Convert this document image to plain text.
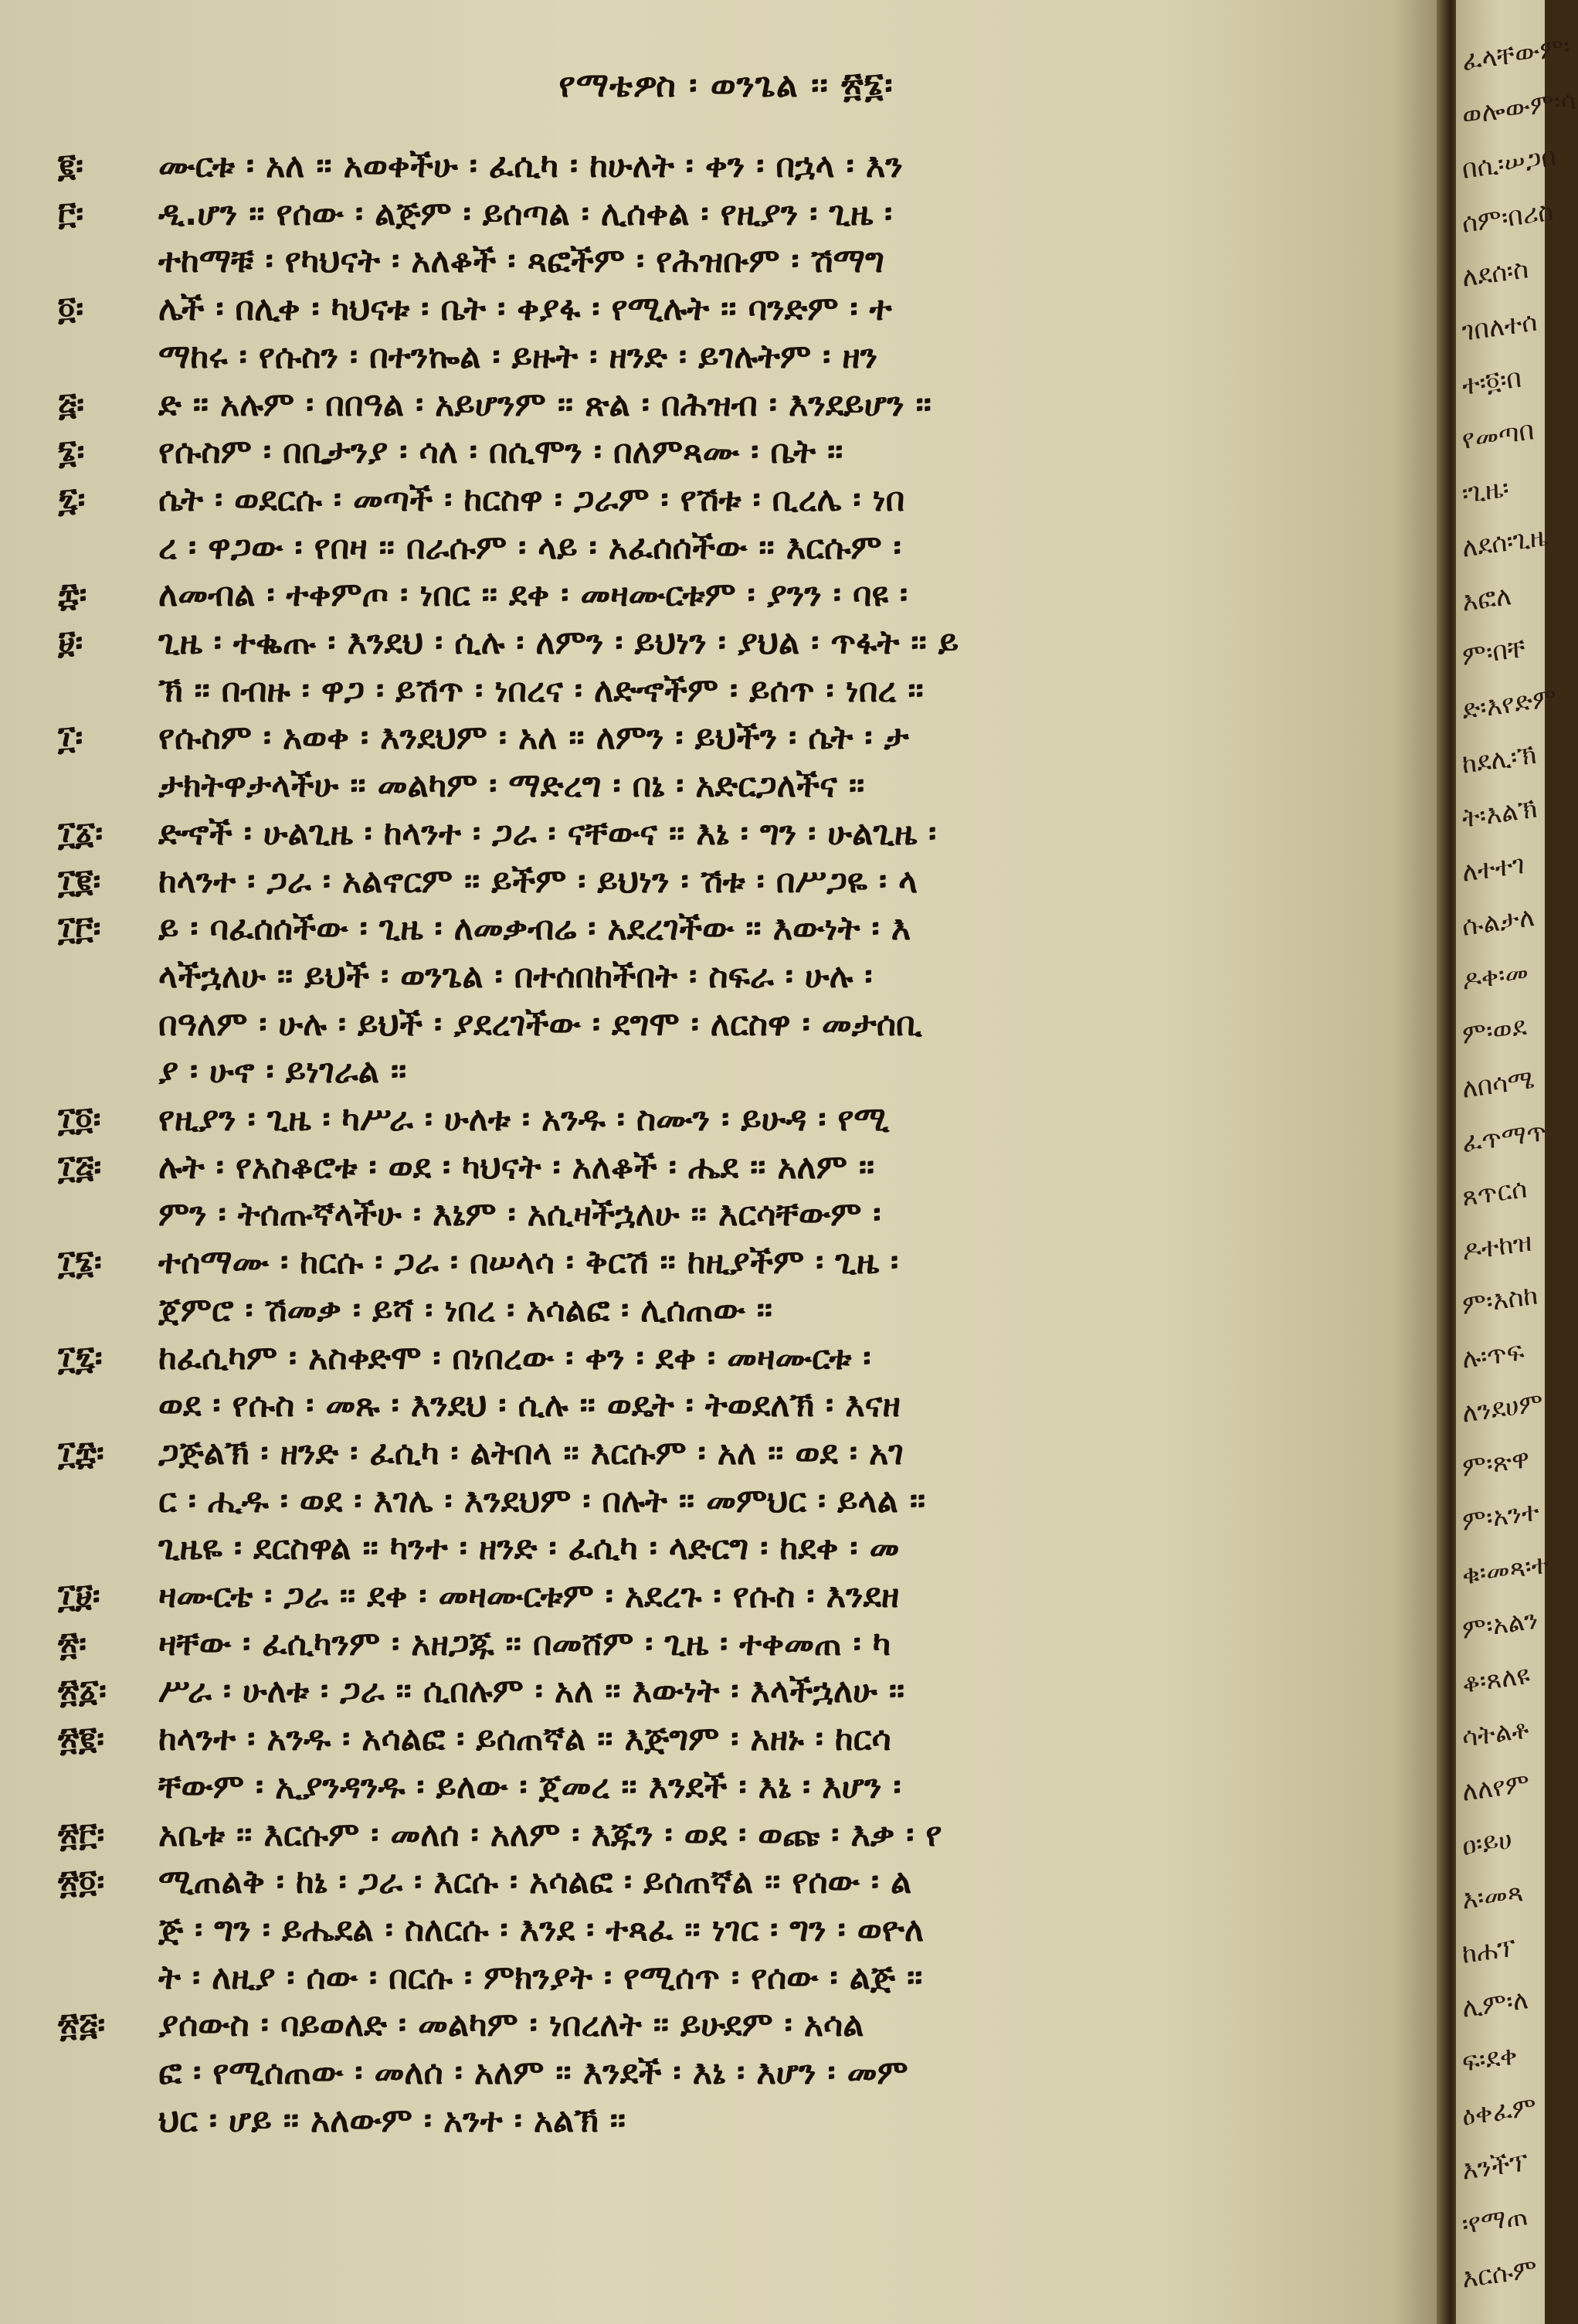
የማቴዎስ ፡ ወንጌል ፡፡ ፳፮፡
፪፡	ሙርቱ ፡ አለ ፡፡ አወቀችሁ ፡ ፈሲካ ፡ ከሁለት ፡ ቀን ፡ በኋላ ፡ እን
፫፡	ዲ.ሆን ፡፡ የሰው ፡ ልጅም ፡ ይሰጣል ፡ ሊሰቀል ፡ የዚያን ፡ ጊዜ ፡
ተከማቹ ፡ የካህናት ፡ አለቆች ፡ ጻፎችም ፡ የሕዝቡም ፡ ሽማግ
፬፡	ሌች ፡ በሊቀ ፡ ካህናቱ ፡ ቤት ፡ ቀያፋ ፡ የሚሉት ፡፡ ባንድም ፡ ተ
ማከሩ ፡ የሱስን ፡ በተንኰል ፡ ይዙት ፡ ዘንድ ፡ ይገሉትም ፡ ዘን
፭፡	ድ ፡፡ አሉም ፡ በበዓል ፡ አይሆንም ፡፡ ጽል ፡ በሕዝብ ፡ እንደይሆን ፡፡
፮፡	የሱስም ፡ በቢታንያ ፡ ሳለ ፡ በሲሞን ፡ በለምጻሙ ፡ ቤት ፡፡
፯፡	ሴት ፡ ወደርሱ ፡ መጣች ፡ ከርስዋ ፡ ጋራም ፡ የሽቱ ፡ ቢረሌ ፡ ነበ
ረ ፡ ዋጋው ፡ የበዛ ፡፡ በራሱም ፡ ላይ ፡ አፈሰሰችው ፡፡ እርሱም ፡
፰፡	ለመብል ፡ ተቀምጦ ፡ ነበር ፡፡ ደቀ ፡ መዛሙርቱም ፡ ያንን ፡ ባዩ ፡
፱፡	ጊዜ ፡ ተቈጡ ፡ እንደህ ፡ ሲሉ ፡ ለምን ፡ ይህነን ፡ ያህል ፡ ጥፋት ፡፡ ይ
ኽ ፡፡ በብዙ ፡ ዋጋ ፡ ይሽጥ ፡ ነበረና ፡ ለድኆችም ፡ ይሰጥ ፡ ነበረ ፡፡
፲፡	የሱስም ፡ አወቀ ፡ እንደህም ፡ አለ ፡፡ ለምን ፡ ይህችን ፡ ሴት ፡ ታ
ታክትዋታላችሁ ፡፡ መልካም ፡ ማድረግ ፡ በኔ ፡ አድርጋለችና ፡፡
፲፩፡	ድኆች ፡ ሁልጊዜ ፡ ከላንተ ፡ ጋራ ፡ ናቸውና ፡፡ እኔ ፡ ግን ፡ ሁልጊዜ ፡
፲፪፡	ከላንተ ፡ ጋራ ፡ አልኖርም ፡፡ ይችም ፡ ይህነን ፡ ሽቱ ፡ በሥጋዬ ፡ ላ
፲፫፡	ይ ፡ ባፈሰሰችው ፡ ጊዜ ፡ ለመቃብሬ ፡ አደረገችው ፡፡ እውነት ፡ እ
ላችኋለሁ ፡፡ ይህች ፡ ወንጌል ፡ በተሰበከችበት ፡ ስፍራ ፡ ሁሉ ፡
በዓለም ፡ ሁሉ ፡ ይህች ፡ ያደረገችው ፡ ደግሞ ፡ ለርስዋ ፡ መታሰቢ
ያ ፡ ሁኖ ፡ ይነገራል ፡፡
፲፬፡	የዚያን ፡ ጊዜ ፡ ካሥራ ፡ ሁለቱ ፡ አንዱ ፡ ስሙን ፡ ይሁዳ ፡ የሚ
፲፭፡	ሉት ፡ የአስቆሮቱ ፡ ወደ ፡ ካህናት ፡ አለቆች ፡ ሔደ ፡፡ አለም ፡፡
ምን ፡ ትሰጡኛላችሁ ፡ እኔም ፡ አሲዛችኋለሁ ፡፡ እርሳቸውም ፡
፲፮፡	ተሰማሙ ፡ ከርሱ ፡ ጋራ ፡ በሠላሳ ፡ ቅርሽ ፡፡ ከዚያችም ፡ ጊዜ ፡
ጀምሮ ፡ ሽመቃ ፡ ይሻ ፡ ነበረ ፡ አሳልፎ ፡ ሊሰጠው ፡፡
፲፯፡	ከፈሲካም ፡ አስቀድሞ ፡ በነበረው ፡ ቀን ፡ ደቀ ፡ መዛሙርቱ ፡
ወደ ፡ የሱስ ፡ መጹ ፡ እንደህ ፡ ሲሉ ፡፡ ወዴት ፡ ትወደለኽ ፡ እናዘ
፲፰፡	ጋጅልኽ ፡ ዘንድ ፡ ፈሲካ ፡ ልትበላ ፡፡ እርሱም ፡ አለ ፡፡ ወደ ፡ አገ
ር ፡ ሒዱ ፡ ወደ ፡ እገሌ ፡ እንደህም ፡ በሉት ፡፡ መምህር ፡ ይላል ፡፡
ጊዜዬ ፡ ደርስዋል ፡፡ ካንተ ፡ ዘንድ ፡ ፈሲካ ፡ ላድርግ ፡ ከደቀ ፡ መ
፲፱፡	ዛሙርቴ ፡ ጋራ ፡፡ ደቀ ፡ መዛሙርቱም ፡ አደረጉ ፡ የሱስ ፡ እንደዘ
፳፡	ዛቸው ፡ ፈሲካንም ፡ አዘጋጁ ፡፡ በመሸም ፡ ጊዜ ፡ ተቀመጠ ፡ ካ
፳፩፡	ሥራ ፡ ሁለቱ ፡ ጋራ ፡፡ ሲበሉም ፡ አለ ፡፡ እውነት ፡ እላችኋለሁ ፡፡
፳፪፡	ከላንተ ፡ አንዱ ፡ አሳልፎ ፡ ይሰጠኛል ፡፡ እጅግም ፡ አዘኑ ፡ ከርሳ
ቸውም ፡ ኢያንዳንዱ ፡ ይለው ፡ ጀመረ ፡፡ እንደች ፡ እኔ ፡ እሆን ፡
፳፫፡	አቤቱ ፡፡ እርሱም ፡ መለሰ ፡ አለም ፡ እጁን ፡ ወደ ፡ ወጩ ፡ እቃ ፡ የ
፳፬፡	ሚጠልቅ ፡ ከኔ ፡ ጋራ ፡ እርሱ ፡ አሳልፎ ፡ ይሰጠኛል ፡፡ የሰው ፡ ል
ጅ ፡ ግን ፡ ይሔደል ፡ ስለርሱ ፡ እንደ ፡ ተጻፈ ፡፡ ነገር ፡ ግን ፡ ወዮለ
ት ፡ ለዚያ ፡ ሰው ፡ በርሱ ፡ ምክንያት ፡ የሚሰጥ ፡ የሰው ፡ ልጅ ፡፡
፳፭፡	ያሰውስ ፡ ባይወለድ ፡ መልካም ፡ ነበረለት ፡፡ ይሁደም ፡ አሳል
ፎ ፡ የሚሰጠው ፡ መለሰ ፡ አለም ፡፡ እንደች ፡ እኔ ፡ እሆን ፡ መም
ህር ፡ ሆይ ፡፡ አለውም ፡ አንተ ፡ አልኽ ፡፡
ፈላቸውም፡
ወሎውም፡ሳ
በሲ፡ሠጋበ
ሰም፡በሪስ
ለደሰ፡ስ
ገበለተሰ
ተ፡፬፡በ
የመጣበ
፡ጊዜ፡
ለደሰ፡ጊዜ
እፎለ
ም፡በቸ
ድ፡እየድም
ከደሊ፡ኽ
ት፡እልኽ
ለተተገ
ሱልታለ
ዶቀ፡መ
ም፡ወደ
ለበሳሜ
ፈጥማጥ
ጸጥርሰ
ዶተከዝ
ም፡እስከ
ሉ፡ጥፍ
ለንደሀም
ም፡ጽዋ
ም፡አንተ
ቁ፡መጻ፡ተ
ም፡አልን
ቆ፡ጸለዩ
ሳትልቶ
ለለየም
ዐ፡ይሀ
እ፡መጻ
ከሐፕ
ሊም፡ለ
ፍ፡ደቀ
ዕቀፈም
እንችፕ
፡የማጠ
እርሱም
